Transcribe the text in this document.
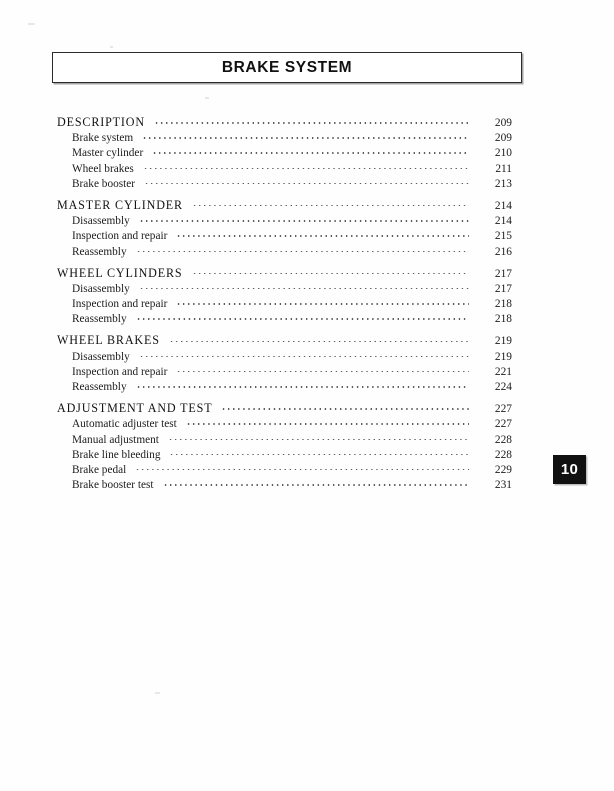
BRAKE SYSTEM
DESCRIPTION	209
Brake system	209
Master cylinder	210
Wheel brakes	211
Brake booster	213
MASTER CYLINDER	214
Disassembly	214
Inspection and repair	215
Reassembly	216
WHEEL CYLINDERS	217
Disassembly	217
Inspection and repair	218
Reassembly	218
WHEEL BRAKES	219
Disassembly	219
Inspection and repair	221
Reassembly	224
ADJUSTMENT AND TEST	227
Automatic adjuster test	227
Manual adjustment	228
Brake line bleeding	228
Brake pedal	229
Brake booster test	231
10
